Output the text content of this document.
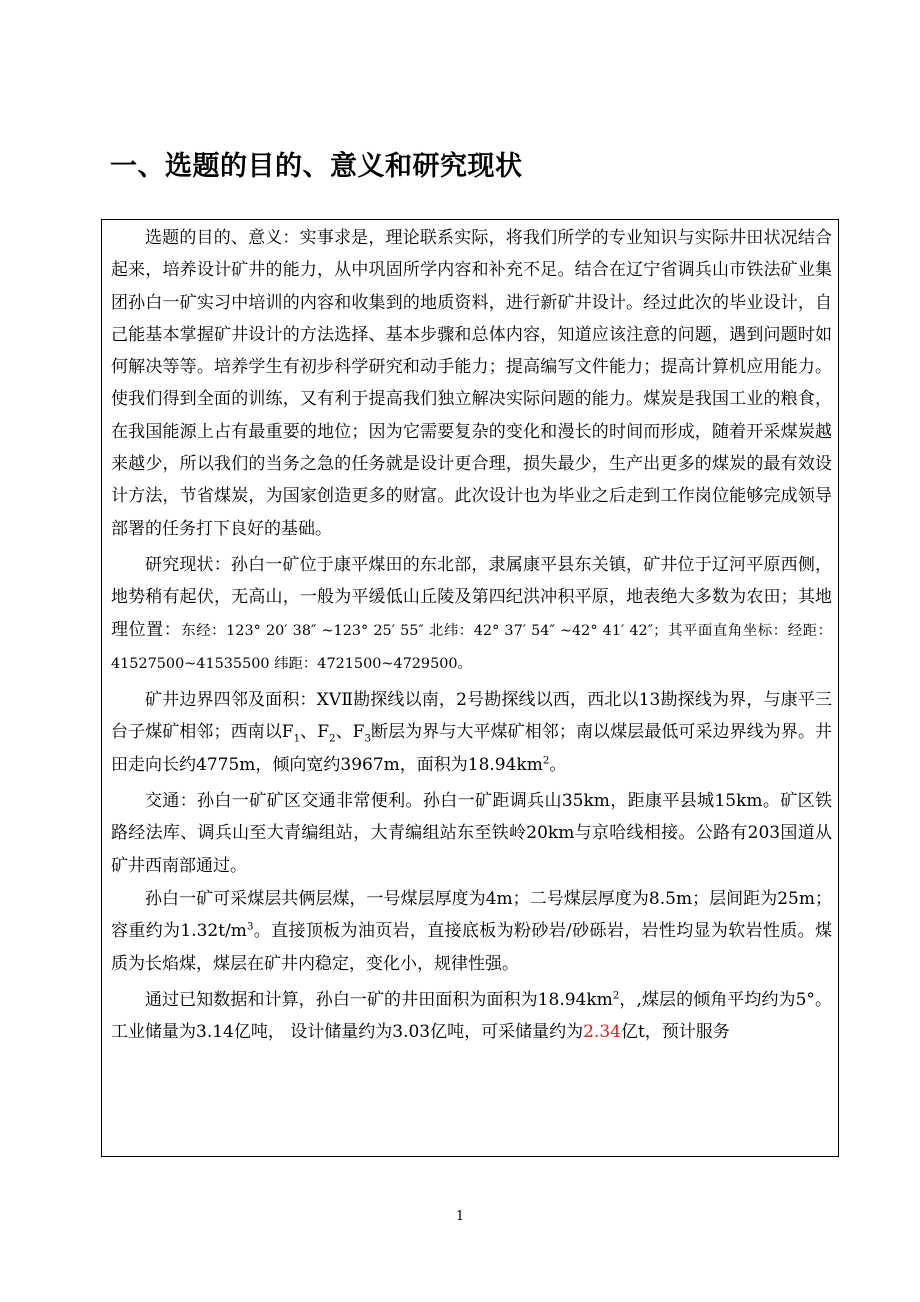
一、选题的目的、意义和研究现状

选题的目的、意义：实事求是，理论联系实际，将我们所学的专业知识与实际井田状况结合起来，培养设计矿井的能力，从中巩固所学内容和补充不足。结合在辽宁省调兵山市铁法矿业集团孙白一矿实习中培训的内容和收集到的地质资料，进行新矿井设计。经过此次的毕业设计，自己能基本掌握矿井设计的方法选择、基本步骤和总体内容，知道应该注意的问题，遇到问题时如何解决等等。培养学生有初步科学研究和动手能力；提高编写文件能力；提高计算机应用能力。使我们得到全面的训练，又有利于提高我们独立解决实际问题的能力。煤炭是我国工业的粮食，在我国能源上占有最重要的地位；因为它需要复杂的变化和漫长的时间而形成，随着开采煤炭越来越少，所以我们的当务之急的任务就是设计更合理，损失最少，生产出更多的煤炭的最有效设计方法，节省煤炭，为国家创造更多的财富。此次设计也为毕业之后走到工作岗位能够完成领导部署的任务打下良好的基础。

研究现状：孙白一矿位于康平煤田的东北部，隶属康平县东关镇，矿井位于辽河平原西侧，地势稍有起伏，无高山，一般为平缓低山丘陵及第四纪洪冲积平原，地表绝大多数为农田；其地理位置：东经：123° 20′ 38″ ~123° 25′ 55″ 北纬：42° 37′ 54″ ~42° 41′ 42″；其平面直角坐标：经距：41527500~41535500 纬距：4721500~4729500。

矿井边界四邻及面积：ⅩⅤⅡ勘探线以南，2号勘探线以西，西北以13勘探线为界，与康平三台子煤矿相邻；西南以$F_1$、$F_2$、$F_3$断层为界与大平煤矿相邻；南以煤层最低可采边界线为界。井田走向长约4775m，倾向宽约3967m，面积为$18.94km^2$。

交通：孙白一矿矿区交通非常便利。孙白一矿距调兵山35km，距康平县城15km。矿区铁路经法库、调兵山至大青编组站，大青编组站东至铁岭20km与京哈线相接。公路有203国道从矿井西南部通过。

孙白一矿可采煤层共俩层煤，一号煤层厚度为4m；二号煤层厚度为8.5m；层间距为25m；容重约为$1.32t/m^3$。直接顶板为油页岩，直接底板为粉砂岩/砂砾岩，岩性均显为软岩性质。煤质为长焰煤，煤层在矿井内稳定，变化小，规律性强。

通过已知数据和计算，孙白一矿的井田面积为面积为$18.94km^2$，,煤层的倾角平均约为5°。工业储量为3.14亿吨， 设计储量约为3.03亿吨，可采储量约为2.34亿t，预计服务

1
